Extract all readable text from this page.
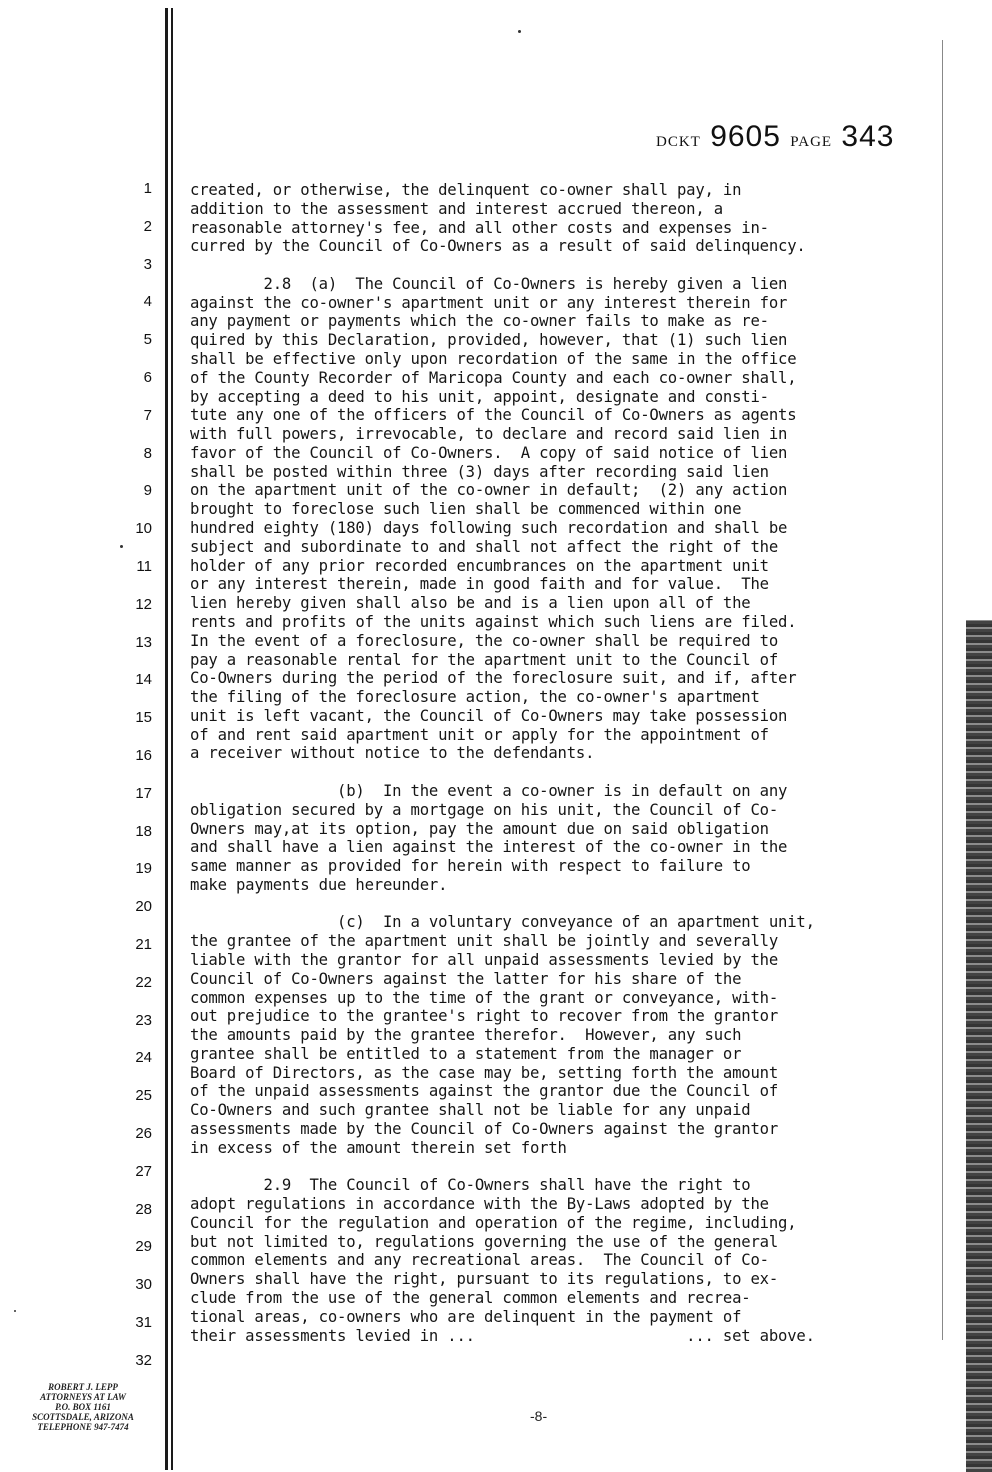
DCKT 9605 PAGE 343
1
2
3
4
5
6
7
8
9
10
11
12
13
14
15
16
17
18
19
20
21
22
23
24
25
26
27
28
29
30
31
32
created, or otherwise, the delinquent co-owner shall pay, in
addition to the assessment and interest accrued thereon, a
reasonable attorney's fee, and all other costs and expenses in-
curred by the Council of Co-Owners as a result of said delinquency.
2.8  (a)  The Council of Co-Owners is hereby given a lien
against the co-owner's apartment unit or any interest therein for
any payment or payments which the co-owner fails to make as re-
quired by this Declaration, provided, however, that (1) such lien
shall be effective only upon recordation of the same in the office
of the County Recorder of Maricopa County and each co-owner shall,
by accepting a deed to his unit, appoint, designate and consti-
tute any one of the officers of the Council of Co-Owners as agents
with full powers, irrevocable, to declare and record said lien in
favor of the Council of Co-Owners.  A copy of said notice of lien
shall be posted within three (3) days after recording said lien
on the apartment unit of the co-owner in default;  (2) any action
brought to foreclose such lien shall be commenced within one
hundred eighty (180) days following such recordation and shall be
subject and subordinate to and shall not affect the right of the
holder of any prior recorded encumbrances on the apartment unit
or any interest therein, made in good faith and for value.  The
lien hereby given shall also be and is a lien upon all of the
rents and profits of the units against which such liens are filed.
In the event of a foreclosure, the co-owner shall be required to
pay a reasonable rental for the apartment unit to the Council of
Co-Owners during the period of the foreclosure suit, and if, after
the filing of the foreclosure action, the co-owner's apartment
unit is left vacant, the Council of Co-Owners may take possession
of and rent said apartment unit or apply for the appointment of
a receiver without notice to the defendants.
(b)  In the event a co-owner is in default on any
obligation secured by a mortgage on his unit, the Council of Co-
Owners may,at its option, pay the amount due on said obligation
and shall have a lien against the interest of the co-owner in the
same manner as provided for herein with respect to failure to
make payments due hereunder.
(c)  In a voluntary conveyance of an apartment unit,
the grantee of the apartment unit shall be jointly and severally
liable with the grantor for all unpaid assessments levied by the
Council of Co-Owners against the latter for his share of the
common expenses up to the time of the grant or conveyance, with-
out prejudice to the grantee's right to recover from the grantor
the amounts paid by the grantee therefor.  However, any such
grantee shall be entitled to a statement from the manager or
Board of Directors, as the case may be, setting forth the amount
of the unpaid assessments against the grantor due the Council of
Co-Owners and such grantee shall not be liable for any unpaid
assessments made by the Council of Co-Owners against the grantor
in excess of the amount therein set forth
2.9  The Council of Co-Owners shall have the right to
adopt regulations in accordance with the By-Laws adopted by the
Council for the regulation and operation of the regime, including,
but not limited to, regulations governing the use of the general
common elements and any recreational areas.  The Council of Co-
Owners shall have the right, pursuant to its regulations, to ex-
clude from the use of the general common elements and recrea-
tional areas, co-owners who are delinquent in the payment of
their assessments levied in ...                       ... set above.
ROBERT J. LEPP
ATTORNEYS AT LAW
P.O. BOX 1161
SCOTTSDALE, ARIZONA
TELEPHONE 947-7474
-8-
